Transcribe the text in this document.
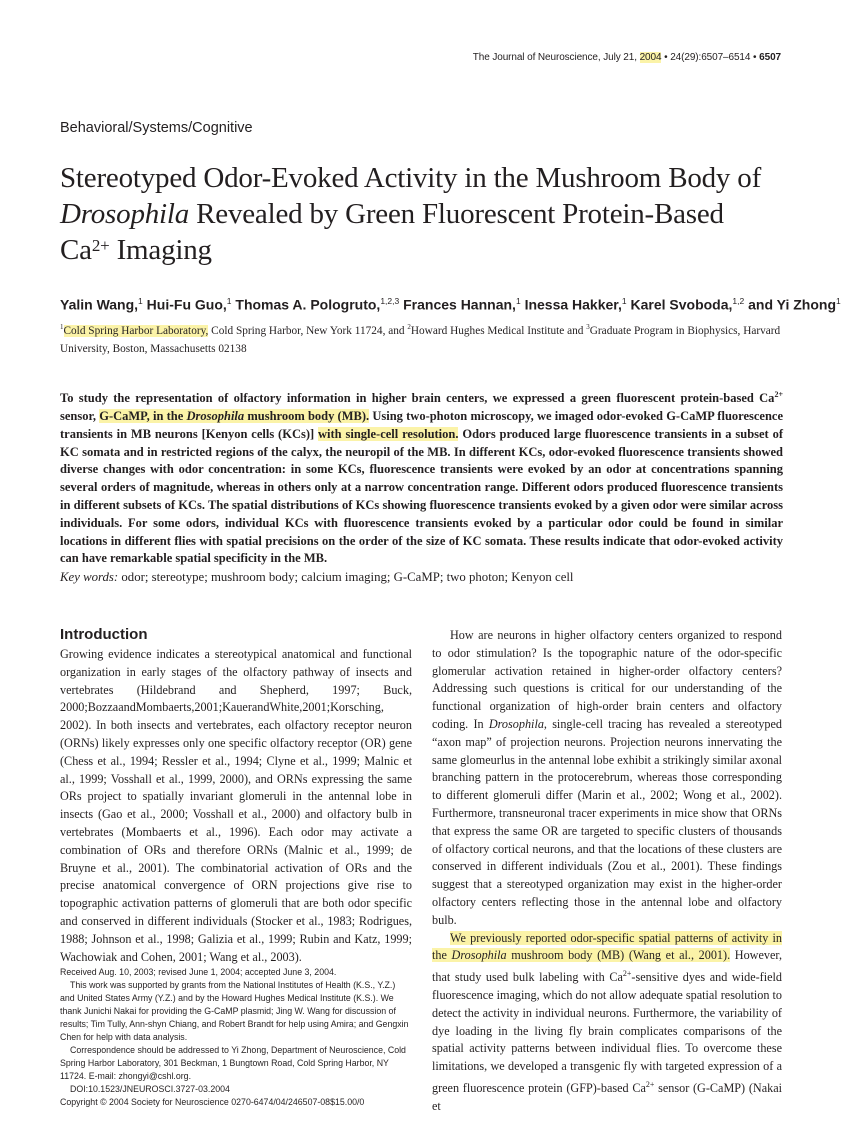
The Journal of Neuroscience, July 21, 2004 • 24(29):6507–6514 • 6507
Behavioral/Systems/Cognitive
Stereotyped Odor-Evoked Activity in the Mushroom Body of
Drosophila Revealed by Green Fluorescent Protein-Based
$Ca^{2+}$ Imaging
Yalin Wang,$^1$ Hui-Fu Guo,$^1$ Thomas A. Pologruto,$^{1,2,3}$ Frances Hannan,$^1$ Inessa Hakker,$^1$ Karel Svoboda,$^{1,2}$ and Yi Zhong$^1$
$^1$Cold Spring Harbor Laboratory, Cold Spring Harbor, New York 11724, and $^2$Howard Hughes Medical Institute and $^3$Graduate Program in Biophysics, Harvard University, Boston, Massachusetts 02138
To study the representation of olfactory information in higher brain centers, we expressed a green fluorescent protein-based $Ca^{2+}$ sensor, G-CaMP, in the Drosophila mushroom body (MB). Using two-photon microscopy, we imaged odor-evoked G-CaMP fluorescence transients in MB neurons [Kenyon cells (KCs)] with single-cell resolution. Odors produced large fluorescence transients in a subset of KC somata and in restricted regions of the calyx, the neuropil of the MB. In different KCs, odor-evoked fluorescence transients showed diverse changes with odor concentration: in some KCs, fluorescence transients were evoked by an odor at concentrations spanning several orders of magnitude, whereas in others only at a narrow concentration range. Different odors produced fluorescence transients in different subsets of KCs. The spatial distributions of KCs showing fluorescence transients evoked by a given odor were similar across individuals. For some odors, individual KCs with fluorescence transients evoked by a particular odor could be found in similar locations in different flies with spatial precisions on the order of the size of KC somata. These results indicate that odor-evoked activity can have remarkable spatial specificity in the MB.
Key words: odor; stereotype; mushroom body; calcium imaging; G-CaMP; two photon; Kenyon cell
Introduction

Growing evidence indicates a stereotypical anatomical and functional organization in early stages of the olfactory pathway of insects and vertebrates (Hildebrand and Shepherd, 1997; Buck, 2000;BozzaandMombaerts,2001;KauerandWhite,2001;Korsching, 2002). In both insects and vertebrates, each olfactory receptor neuron (ORNs) likely expresses only one specific olfactory receptor (OR) gene (Chess et al., 1994; Ressler et al., 1994; Clyne et al., 1999; Malnic et al., 1999; Vosshall et al., 1999, 2000), and ORNs expressing the same ORs project to spatially invariant glomeruli in the antennal lobe in insects (Gao et al., 2000; Vosshall et al., 2000) and olfactory bulb in vertebrates (Mombaerts et al., 1996). Each odor may activate a combination of ORs and therefore ORNs (Malnic et al., 1999; de Bruyne et al., 2001). The combinatorial activation of ORs and the precise anatomical convergence of ORN projections give rise to topographic activation patterns of glomeruli that are both odor specific and conserved in different individuals (Stocker et al., 1983; Rodrigues, 1988; Johnson et al., 1998; Galizia et al., 1999; Rubin and Katz, 1999; Wachowiak and Cohen, 2001; Wang et al., 2003).

How are neurons in higher olfactory centers organized to respond to odor stimulation? Is the topographic nature of the odor-specific glomerular activation retained in higher-order olfactory centers? Addressing such questions is critical for our understanding of the functional organization of high-order brain centers and olfactory coding. In Drosophila, single-cell tracing has revealed a stereotyped “axon map” of projection neurons. Projection neurons innervating the same glomeurlus in the antennal lobe exhibit a strikingly similar axonal branching pattern in the protocerebrum, whereas those corresponding to different glomeruli differ (Marin et al., 2002; Wong et al., 2002). Furthermore, transneuronal tracer experiments in mice show that ORNs that express the same OR are targeted to specific clusters of thousands of olfactory cortical neurons, and that the locations of these clusters are conserved in different individuals (Zou et al., 2001). These findings suggest that a stereotyped organization may exist in the higher-order olfactory centers reflecting those in the antennal lobe and olfactory bulb.

We previously reported odor-specific spatial patterns of activity in the Drosophila mushroom body (MB) (Wang et al., 2001). However, that study used bulk labeling with $Ca^{2+}$-sensitive dyes and wide-field fluorescence imaging, which do not allow adequate spatial resolution to detect the activity in individual neurons. Furthermore, the variability of dye loading in the living fly brain complicates comparisons of the spatial activity patterns between individual flies. To overcome these limitations, we developed a transgenic fly with targeted expression of a green fluorescence protein (GFP)-based $Ca^{2+}$ sensor (G-CaMP) (Nakai et

Received Aug. 10, 2003; revised June 1, 2004; accepted June 3, 2004.

This work was supported by grants from the National Institutes of Health (K.S., Y.Z.) and United States Army (Y.Z.) and by the Howard Hughes Medical Institute (K.S.). We thank Junichi Nakai for providing the G-CaMP plasmid; Jing W. Wang for discussion of results; Tim Tully, Ann-shyn Chiang, and Robert Brandt for help using Amira; and Gengxin Chen for help with data analysis.

Correspondence should be addressed to Yi Zhong, Department of Neuroscience, Cold Spring Harbor Laboratory, 301 Beckman, 1 Bungtown Road, Cold Spring Harbor, NY 11724. E-mail: zhongyi@cshl.org.

DOI:10.1523/JNEUROSCI.3727-03.2004

Copyright © 2004 Society for Neuroscience 0270-6474/04/246507-08$15.00/0
